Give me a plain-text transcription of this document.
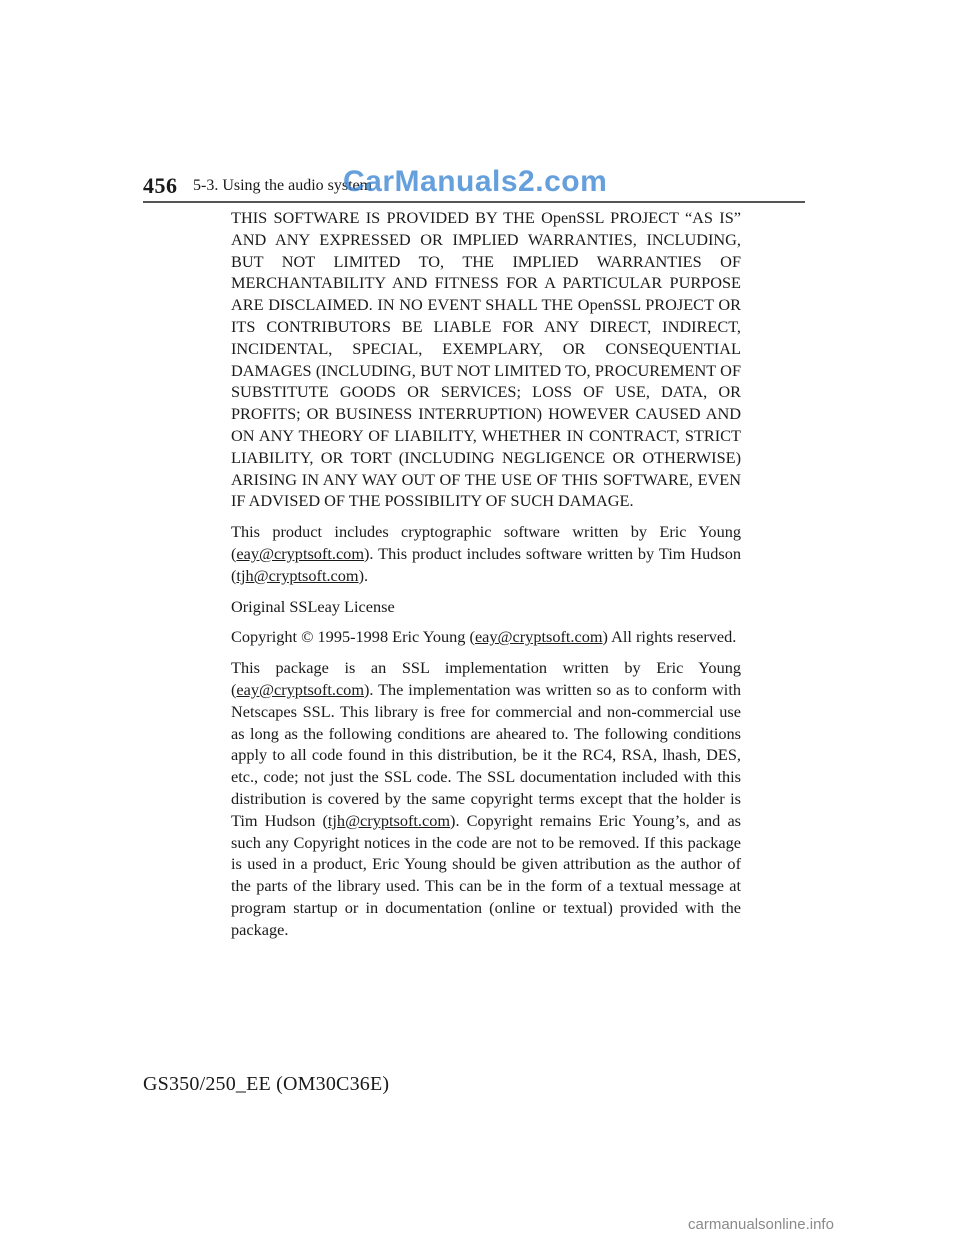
456 5-3. Using the audio system
CarManuals2.com

THIS SOFTWARE IS PROVIDED BY THE OpenSSL PROJECT “AS IS” AND ANY EXPRESSED OR IMPLIED WARRANTIES, INCLUDING, BUT NOT LIMITED TO, THE IMPLIED WARRANTIES OF MERCHANTABILITY AND FITNESS FOR A PARTICULAR PURPOSE ARE DISCLAIMED. IN NO EVENT SHALL THE OpenSSL PROJECT OR ITS CONTRIBUTORS BE LIABLE FOR ANY DIRECT, INDIRECT, INCIDENTAL, SPECIAL, EXEMPLARY, OR CONSEQUENTIAL DAMAGES (INCLUDING, BUT NOT LIMITED TO, PROCUREMENT OF SUBSTITUTE GOODS OR SERVICES; LOSS OF USE, DATA, OR PROFITS; OR BUSINESS INTERRUPTION) HOWEVER CAUSED AND ON ANY THEORY OF LIABILITY, WHETHER IN CONTRACT, STRICT LIABILITY, OR TORT (INCLUDING NEGLIGENCE OR OTHERWISE) ARISING IN ANY WAY OUT OF THE USE OF THIS SOFTWARE, EVEN IF ADVISED OF THE POSSIBILITY OF SUCH DAMAGE.

This product includes cryptographic software written by Eric Young (eay@cryptsoft.com). This product includes software written by Tim Hudson (tjh@cryptsoft.com).

Original SSLeay License

Copyright © 1995-1998 Eric Young (eay@cryptsoft.com) All rights reserved.

This package is an SSL implementation written by Eric Young (eay@cryptsoft.com). The implementation was written so as to conform with Netscapes SSL. This library is free for commercial and non-commercial use as long as the following conditions are aheared to. The following conditions apply to all code found in this distribution, be it the RC4, RSA, lhash, DES, etc., code; not just the SSL code. The SSL documentation included with this distribution is covered by the same copyright terms except that the holder is Tim Hudson (tjh@cryptsoft.com). Copyright remains Eric Young’s, and as such any Copyright notices in the code are not to be removed. If this package is used in a product, Eric Young should be given attribution as the author of the parts of the library used. This can be in the form of a textual message at program startup or in documentation (online or textual) provided with the package.

GS350/250_EE (OM30C36E)
carmanualsonline.info
